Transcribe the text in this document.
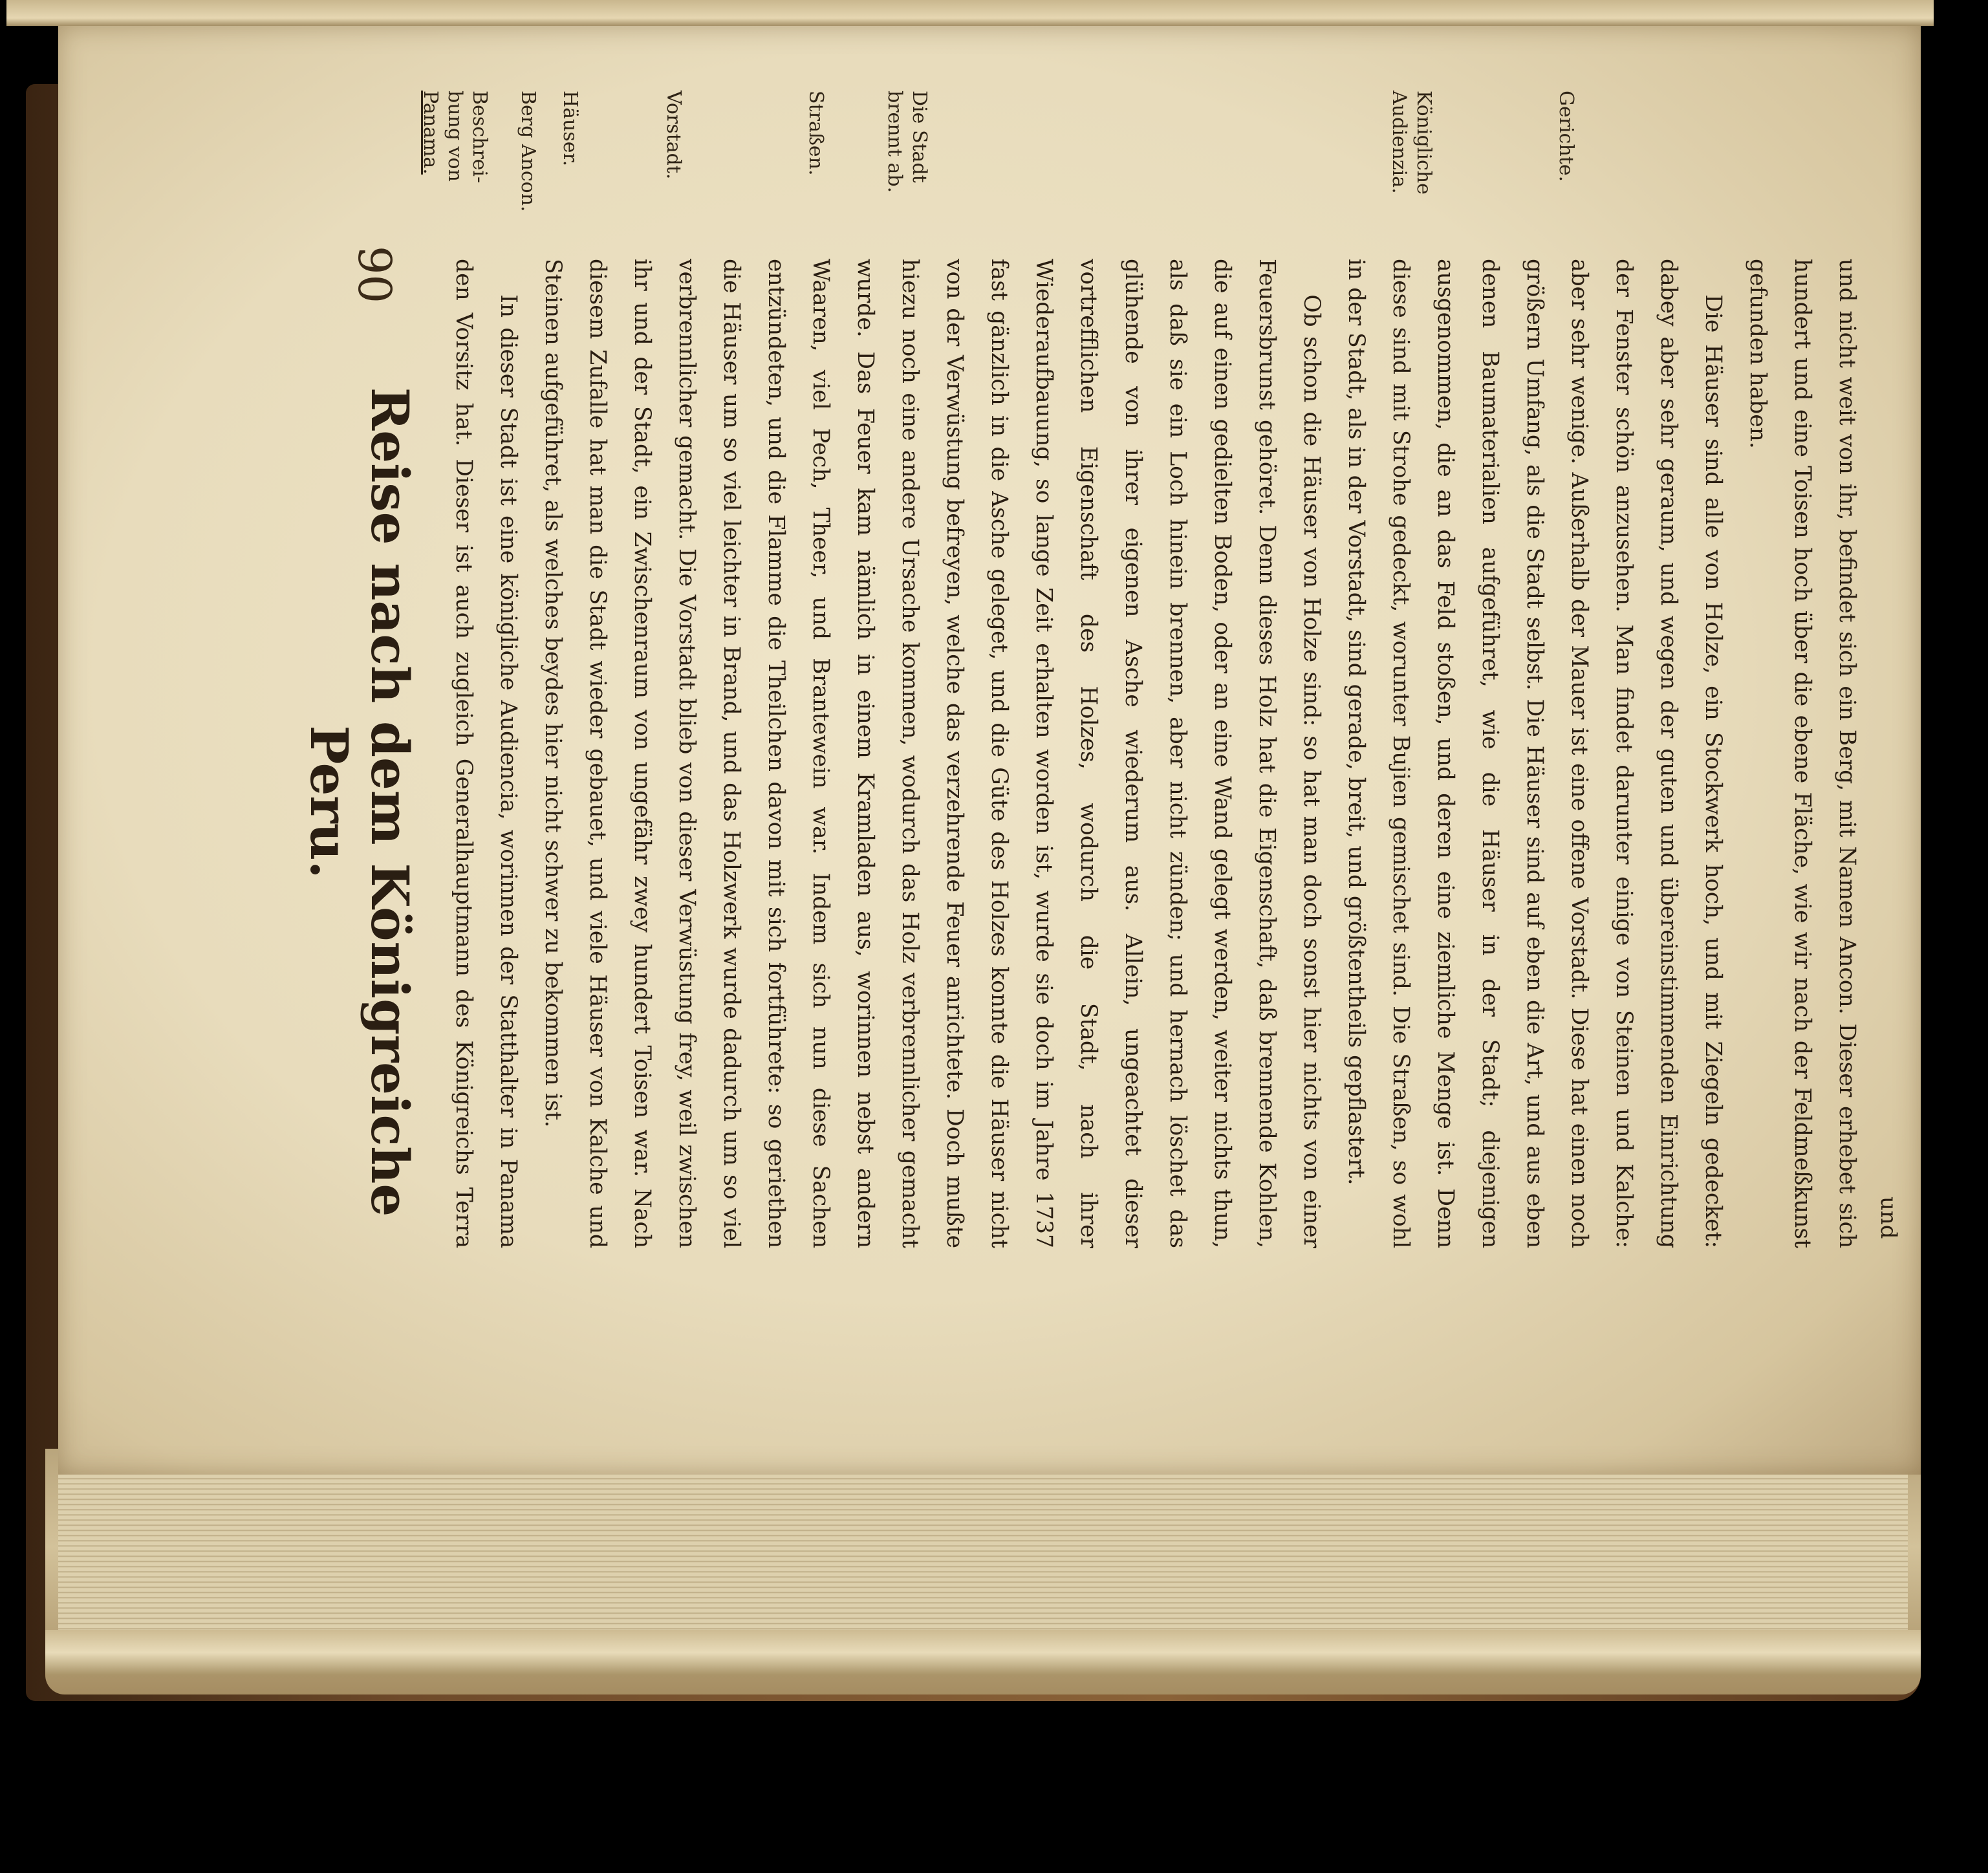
90
Reise nach dem Königreiche Peru.
Beschrei-
bung von
Panama.	Berg Ancon. Häuser.	Vorstadt.	Straßen.	Die Stadt
brennt ab.	Königliche
Audienzia.	Gerichte.

und nicht weit von ihr, befindet sich ein Berg, mit Namen Ancon. Dieser erhebet sich hundert und eine Toisen hoch über die ebene Fläche, wie wir nach der Feldmeßkunst gefunden haben.

Die Häuser sind alle von Holze, ein Stockwerk hoch, und mit Ziegeln gedecket: dabey aber sehr geraum, und wegen der guten und übereinstimmenden Einrichtung der Fenster schön anzusehen. Man findet darunter einige von Steinen und Kalche: aber sehr wenige. Außerhalb der Mauer ist eine offene Vorstadt. Diese hat einen noch größern Umfang, als die Stadt selbst. Die Häuser sind auf eben die Art, und aus eben denen Baumaterialien aufgeführet, wie die Häuser in der Stadt; diejenigen ausgenommen, die an das Feld stoßen, und deren eine ziemliche Menge ist. Denn diese sind mit Strohe gedeckt, worunter Bujien gemischet sind. Die Straßen, so wohl in der Stadt, als in der Vorstadt, sind gerade, breit, und größtentheils gepflastert.

Ob schon die Häuser von Holze sind: so hat man doch sonst hier nichts von einer Feuersbrunst gehöret. Denn dieses Holz hat die Eigenschaft, daß brennende Kohlen, die auf einen gedielten Boden, oder an eine Wand gelegt werden, weiter nichts thun, als daß sie ein Loch hinein brennen, aber nicht zünden; und hernach löschet das glühende von ihrer eigenen Asche wiederum aus. Allein, ungeachtet dieser vortrefflichen Eigenschaft des Holzes, wodurch die Stadt, nach ihrer Wiederaufbauung, so lange Zeit erhalten worden ist, wurde sie doch im Jahre 1737 fast gänzlich in die Asche geleget, und die Güte des Holzes konnte die Häuser nicht von der Verwüstung befreyen, welche das verzehrende Feuer anrichtete. Doch mußte hiezu noch eine andere Ursache kommen, wodurch das Holz verbrennlicher gemacht wurde. Das Feuer kam nämlich in einem Kramladen aus, worinnen nebst andern Waaren, viel Pech, Theer, und Brantewein war. Indem sich nun diese Sachen entzündeten, und die Flamme die Theilchen davon mit sich fortführete: so geriethen die Häuser um so viel leichter in Brand, und das Holzwerk wurde dadurch um so viel verbrennlicher gemacht. Die Vorstadt blieb von dieser Verwüstung frey, weil zwischen ihr und der Stadt, ein Zwischenraum von ungefähr zwey hundert Toisen war. Nach diesem Zufalle hat man die Stadt wieder gebauet, und viele Häuser von Kalche und Steinen aufgeführet, als welches beydes hier nicht schwer zu bekommen ist.

In dieser Stadt ist eine königliche Audiencia, worinnen der Statthalter in Panama den Vorsitz hat. Dieser ist auch zugleich Generalhauptmann des Königreichs Terra	und
